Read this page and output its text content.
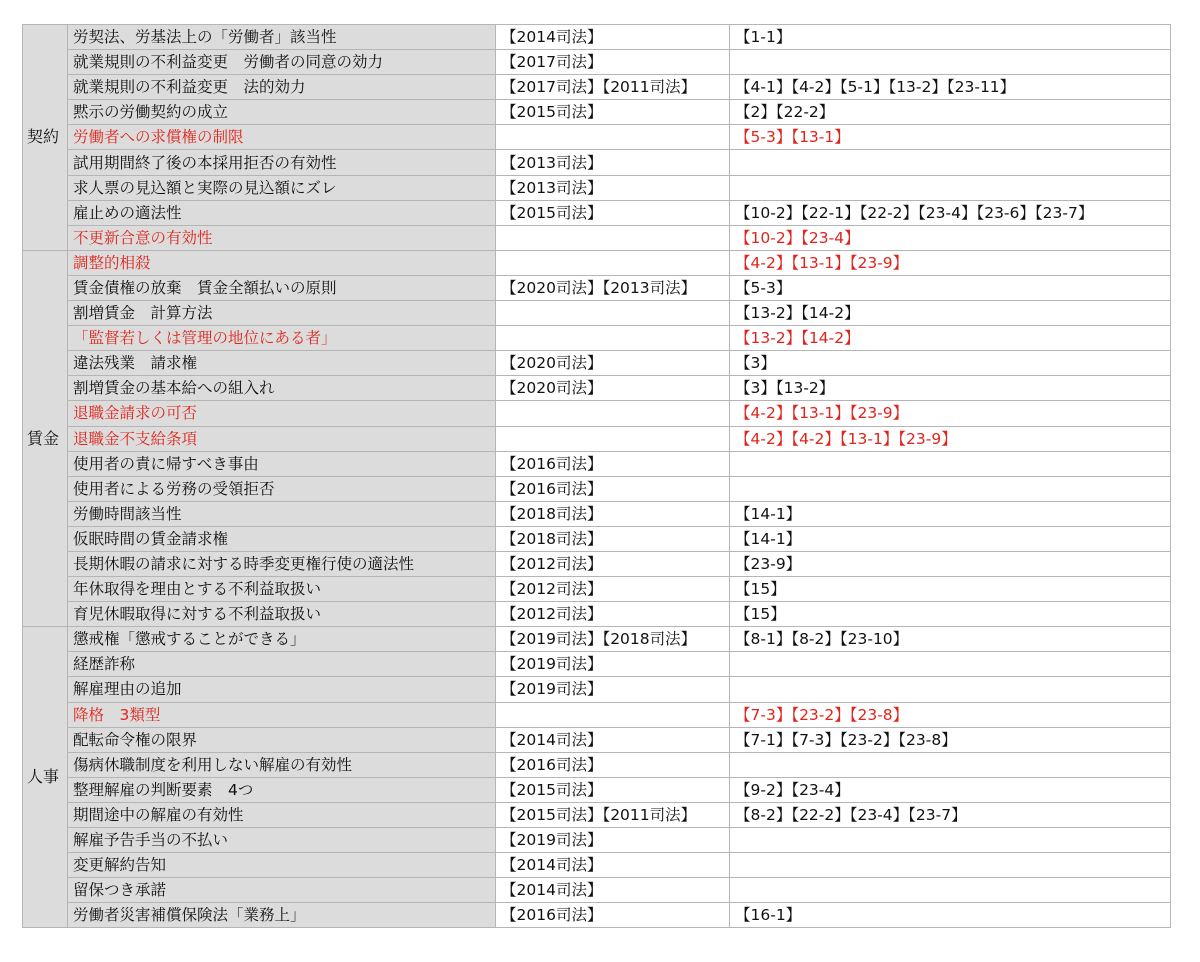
契約	労契法、労基法上の「労働者」該当性	【2014司法】	【1-1】
	就業規則の不利益変更　労働者の同意の効力	【2017司法】	
	就業規則の不利益変更　法的効力	【2017司法】【2011司法】	【4-1】【4-2】【5-1】【13-2】【23-11】
	黙示の労働契約の成立	【2015司法】	【2】【22-2】
	労働者への求償権の制限		【5-3】【13-1】
	試用期間終了後の本採用拒否の有効性	【2013司法】	
	求人票の見込額と実際の見込額にズレ	【2013司法】	
	雇止めの適法性	【2015司法】	【10-2】【22-1】【22-2】【23-4】【23-6】【23-7】
	不更新合意の有効性		【10-2】【23-4】
賃金	調整的相殺		【4-2】【13-1】【23-9】
	賃金債権の放棄　賃金全額払いの原則	【2020司法】【2013司法】	【5-3】
	割増賃金　計算方法		【13-2】【14-2】
	「監督若しくは管理の地位にある者」		【13-2】【14-2】
	違法残業　請求権	【2020司法】	【3】
	割増賃金の基本給への組入れ	【2020司法】	【3】【13-2】
	退職金請求の可否		【4-2】【13-1】【23-9】
	退職金不支給条項		【4-2】【4-2】【13-1】【23-9】
	使用者の責に帰すべき事由	【2016司法】	
	使用者による労務の受領拒否	【2016司法】	
	労働時間該当性	【2018司法】	【14-1】
	仮眠時間の賃金請求権	【2018司法】	【14-1】
	長期休暇の請求に対する時季変更権行使の適法性	【2012司法】	【23-9】
	年休取得を理由とする不利益取扱い	【2012司法】	【15】
	育児休暇取得に対する不利益取扱い	【2012司法】	【15】
人事	懲戒権「懲戒することができる」	【2019司法】【2018司法】	【8-1】【8-2】【23-10】
	経歴詐称	【2019司法】	
	解雇理由の追加	【2019司法】	
	降格　3類型		【7-3】【23-2】【23-8】
	配転命令権の限界	【2014司法】	【7-1】【7-3】【23-2】【23-8】
	傷病休職制度を利用しない解雇の有効性	【2016司法】	
	整理解雇の判断要素　4つ	【2015司法】	【9-2】【23-4】
	期間途中の解雇の有効性	【2015司法】【2011司法】	【8-2】【22-2】【23-4】【23-7】
	解雇予告手当の不払い	【2019司法】	
	変更解約告知	【2014司法】	
	留保つき承諾	【2014司法】	
	労働者災害補償保険法「業務上」	【2016司法】	【16-1】
